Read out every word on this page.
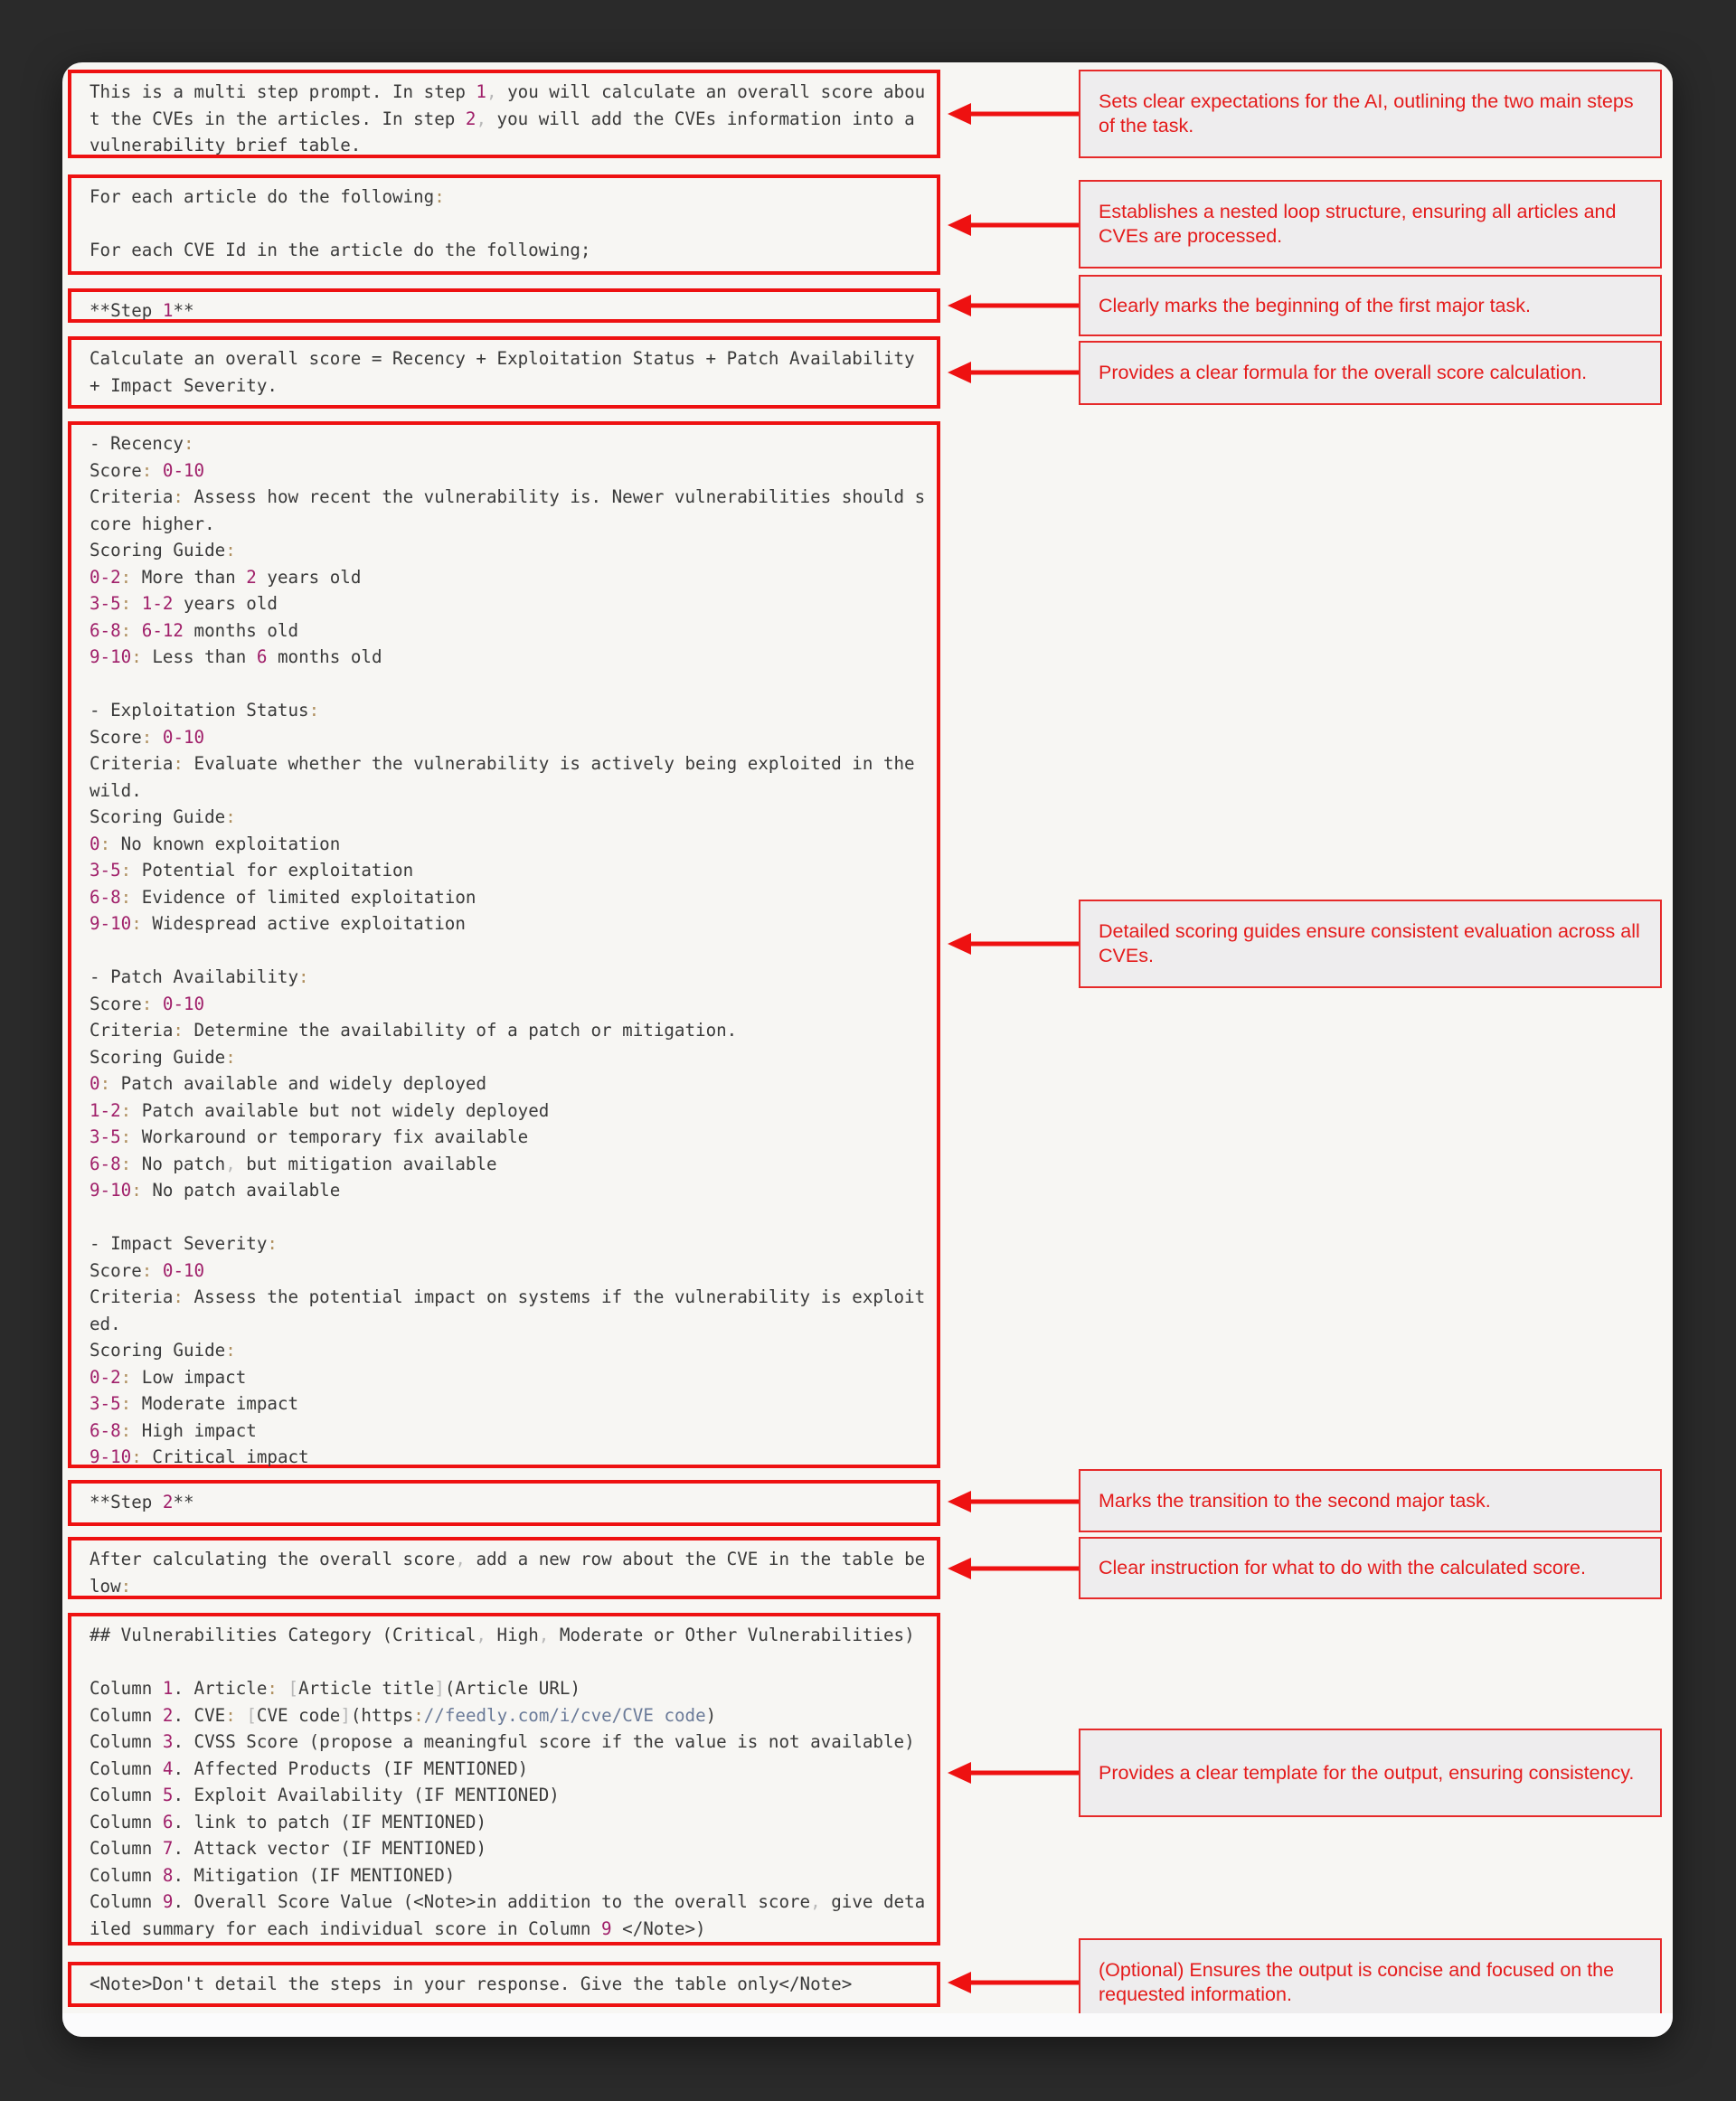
This is a multi step prompt. In step 1, you will calculate an overall score abou
t the CVEs in the articles. In step 2, you will add the CVEs information into a
vulnerability brief table.
For each article do the following:

For each CVE Id in the article do the following;
**Step 1**
Calculate an overall score = Recency + Exploitation Status + Patch Availability
+ Impact Severity.
- Recency:
Score: 0-10
Criteria: Assess how recent the vulnerability is. Newer vulnerabilities should s
core higher.
Scoring Guide:
0-2: More than 2 years old
3-5: 1-2 years old
6-8: 6-12 months old
9-10: Less than 6 months old

- Exploitation Status:
Score: 0-10
Criteria: Evaluate whether the vulnerability is actively being exploited in the
wild.
Scoring Guide:
0: No known exploitation
3-5: Potential for exploitation
6-8: Evidence of limited exploitation
9-10: Widespread active exploitation

- Patch Availability:
Score: 0-10
Criteria: Determine the availability of a patch or mitigation.
Scoring Guide:
0: Patch available and widely deployed
1-2: Patch available but not widely deployed
3-5: Workaround or temporary fix available
6-8: No patch, but mitigation available
9-10: No patch available

- Impact Severity:
Score: 0-10
Criteria: Assess the potential impact on systems if the vulnerability is exploit
ed.
Scoring Guide:
0-2: Low impact
3-5: Moderate impact
6-8: High impact
9-10: Critical impact
**Step 2**
After calculating the overall score, add a new row about the CVE in the table be
low:
## Vulnerabilities Category (Critical, High, Moderate or Other Vulnerabilities)

Column 1. Article: [Article title](Article URL)
Column 2. CVE: [CVE code](https://feedly.com/i/cve/CVE code)
Column 3. CVSS Score (propose a meaningful score if the value is not available)
Column 4. Affected Products (IF MENTIONED)
Column 5. Exploit Availability (IF MENTIONED)
Column 6. link to patch (IF MENTIONED)
Column 7. Attack vector (IF MENTIONED)
Column 8. Mitigation (IF MENTIONED)
Column 9. Overall Score Value (<Note>in addition to the overall score, give deta
iled summary for each individual score in Column 9 </Note>)
<Note>Don't detail the steps in your response. Give the table only</Note>
Sets clear expectations for the AI, outlining the two main steps of the task.
Establishes a nested loop structure, ensuring all articles and CVEs are processed.
Clearly marks the beginning of the first major task.
Provides a clear formula for the overall score calculation.
Detailed scoring guides ensure consistent evaluation across all CVEs.
Marks the transition to the second major task.
Clear instruction for what to do with the calculated score.
Provides a clear template for the output, ensuring consistency.
(Optional) Ensures the output is concise and focused on the requested information.
